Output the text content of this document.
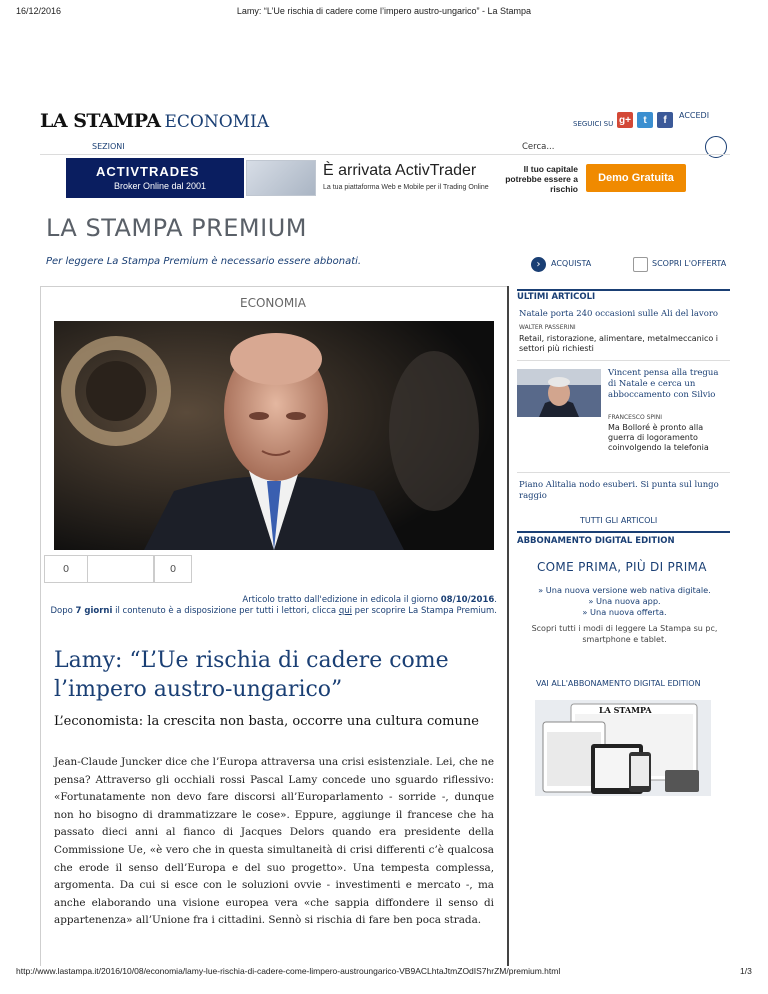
16/12/2016	Lamy: “L’Ue rischia di cadere come l’impero austro-ungarico” - La Stampa
http://www.lastampa.it/2016/10/08/economia/lamy-lue-rischia-di-cadere-come-limpero-austroungarico-VB9ACLhtaJtmZOdIS7hrZM/premium.html	1/3
LA STAMPA ECONOMIA	ACCEDI
SEGUICI SU g+	t	f
SEZIONI	Cerca...
ACTIVTRADES
Broker Online dal 2001
È arrivata ActivTrader
La tua piattaforma Web e Mobile per il Trading Online
Il tuo capitale potrebbe essere a rischio
Demo Gratuita
LA STAMPA PREMIUM
Per leggere La Stampa Premium è necessario essere abbonati.	›	ACQUISTA	SCOPRI L'OFFERTA
ECONOMIA
0	0
Articolo tratto dall'edizione in edicola il giorno 08/10/2016.
Dopo 7 giorni il contenuto è a disposizione per tutti i lettori, clicca qui per scoprire La Stampa Premium.
Lamy: “L’Ue rischia di cadere come l’impero austro-ungarico”
L’economista: la crescita non basta, occorre una cultura comune
Jean-Claude Juncker dice che l’Europa attraversa una crisi esistenziale. Lei, che ne pensa? Attraverso gli occhiali rossi Pascal Lamy concede uno sguardo riflessivo: «Fortunatamente non devo fare discorsi all’Europarlamento - sorride -, dunque non ho bisogno di drammatizzare le cose». Eppure, aggiunge il francese che ha passato dieci anni al fianco di Jacques Delors quando era presidente della Commissione Ue, «è vero che in questa simultaneità di crisi differenti c’è qualcosa che erode il senso dell’Europa e del suo progetto». Una tempesta complessa, argomenta. Da cui si esce con le soluzioni ovvie - investimenti e mercato -, ma anche elaborando una visione europea vera «che sappia diffondere il senso di appartenenza» all’Unione fra i cittadini. Sennò si rischia di fare ben poca strada.
ULTIMI ARTICOLI
Natale porta 240 occasioni sulle Ali del lavoro
WALTER PASSERINI
Retail, ristorazione, alimentare, metalmeccanico i settori più richiesti
Vincent pensa alla tregua di Natale e cerca un abboccamento con Silvio
FRANCESCO SPINI
Ma Bolloré è pronto alla guerra di logoramento coinvolgendo la telefonia
Piano Alitalia nodo esuberi. Si punta sul lungo raggio
TUTTI GLI ARTICOLI
ABBONAMENTO DIGITAL EDITION
COME PRIMA, PIÙ DI PRIMA
» Una nuova versione web nativa digitale.
» Una nuova app.
» Una nuova offerta.
Scopri tutti i modi di leggere La Stampa su pc, smartphone e tablet.
VAI ALL'ABBONAMENTO DIGITAL EDITION
LA STAMPA
